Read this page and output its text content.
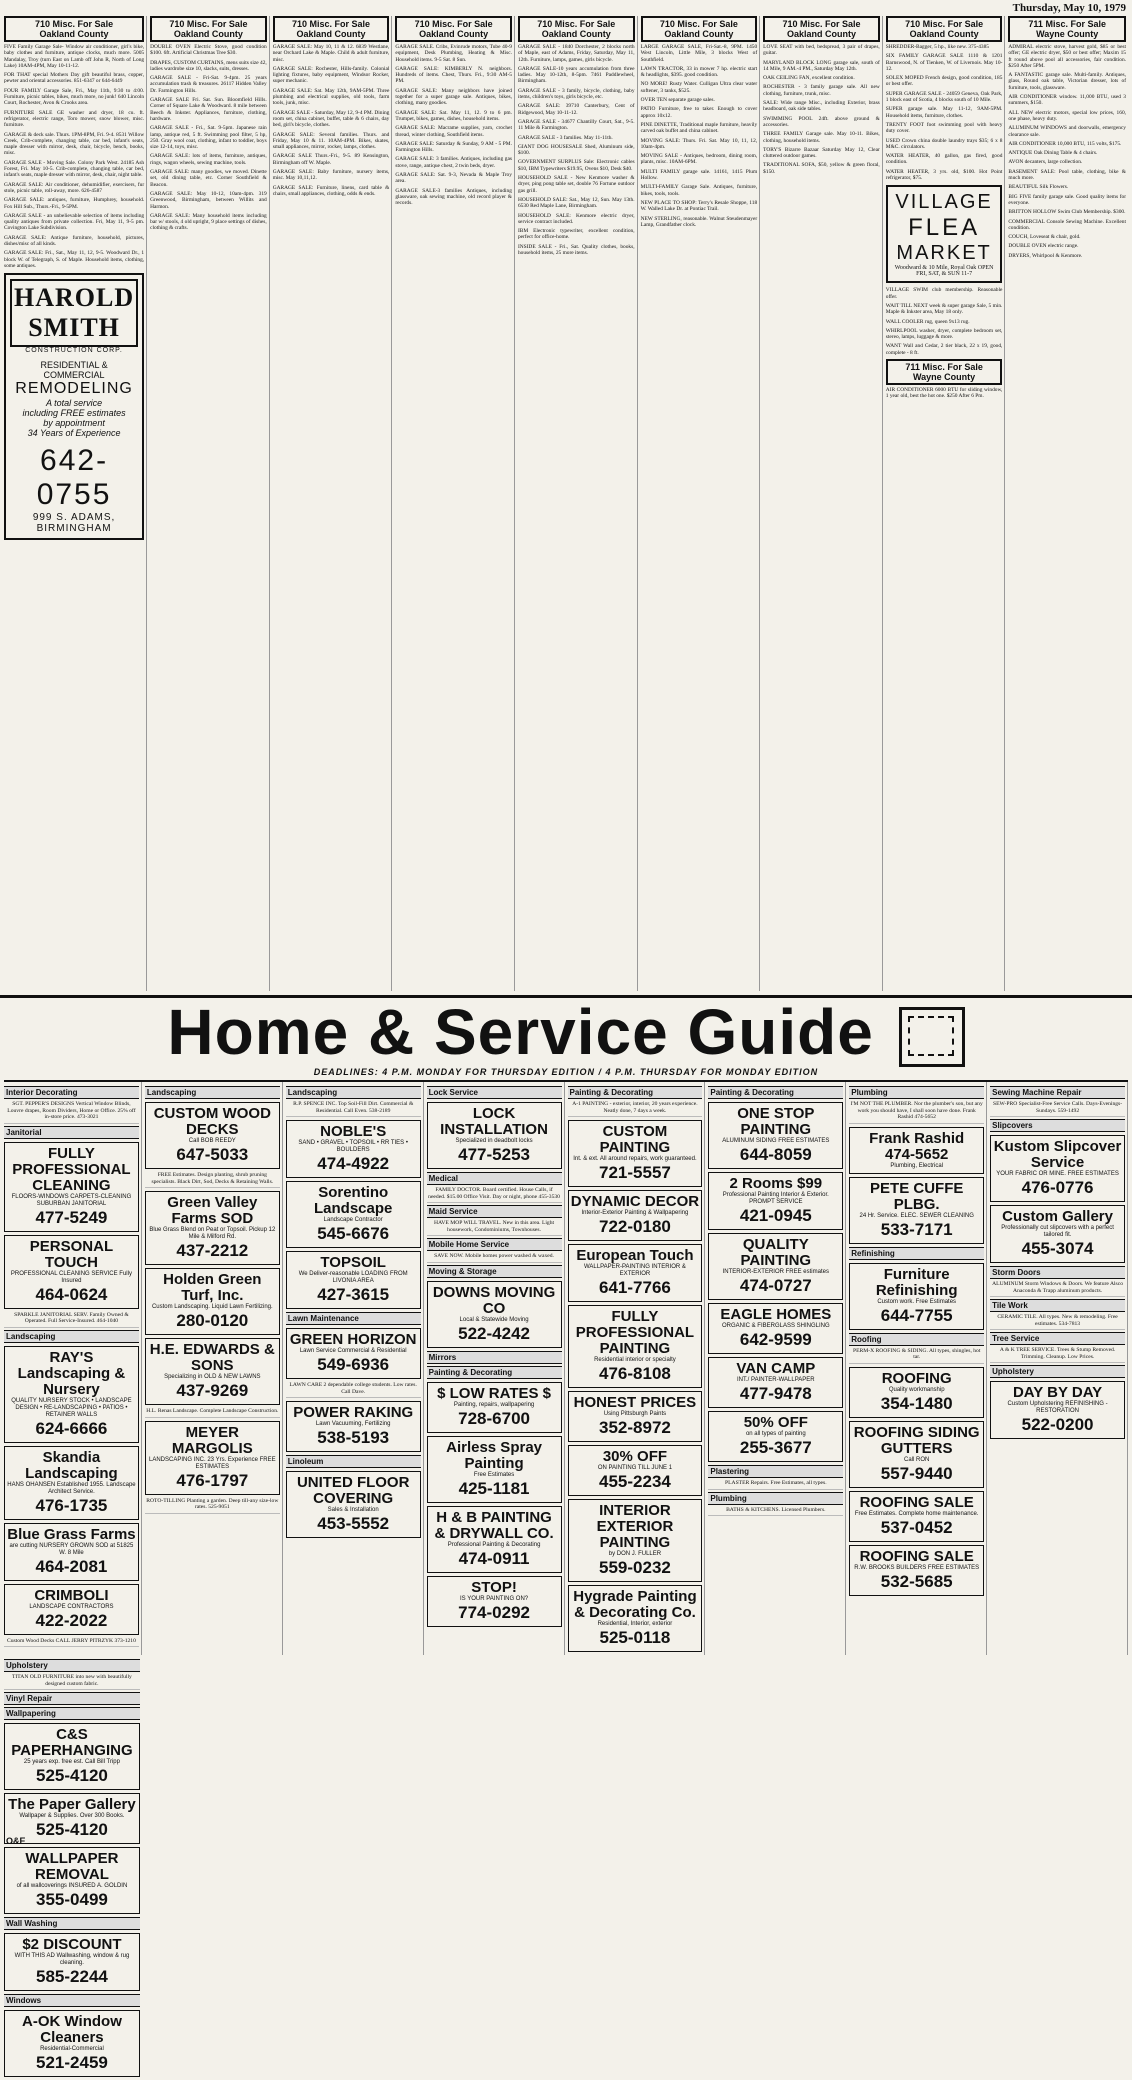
Thursday, May 10, 1979
710 Misc. For Sale
Oakland County

FIVE Family Garage Sale- Window air conditioner, girl's bike, baby clothes and furniture, antique clocks, much more. 5005 Mandalay, Troy (turn East on Lamb off John R, North of Long Lake) 10AM-4PM, May 10-11-12.

FOR THAT special Mothers Day gift beautiful brass, copper, pewter and oriental accessories. 851-6347 or 644-6449

FOUR FAMILY Garage Sale, Fri., May 11th, 9:30 to 4:00. Furniture, picnic tables, bikes, much more, no junk! 640 Lincoln Court, Rochester, Avon & Crooks area.

FURNITURE SALE GE washer and dryer, 18 cu. ft. refrigerator, electric range, Toro mower, snow blower, misc. furniture.

GARAGE & deck sale. Thurs. 1PM-8PM, Fri. 9-4. 8531 Willow Creek, Crib-complete, changing table, car bed, infant's seats, maple dresser with mirror, desk, chair, bicycle, bench, books, misc.

GARAGE SALE - Moving Sale. Colony Park West. 24185 Ash Forest, Fri. May 10-5. Crib-complete, changing table, car bed, infant's seats, maple dresser with mirror, desk, chair, night table.

GARAGE SALE: Air conditioner, dehumidifier, exercisers, fur stole, picnic table, roll-away, more. 626-4587

GARAGE SALE: antiques, furniture, Humphrey, household. Fox Hill Sub., Thurs.-Fri., 9-5PM.

GARAGE SALE - an unbelievable selection of items including quality antiques from private collection. Fri, May 11, 9-5 pm. Covington Lake Subdivision.

GARAGE SALE: Antique furniture, household, pictures, dishes/misc of all kinds.

GARAGE SALE: Fri., Sat., May 11, 12, 9-5. Woodward Dr., 1 block W. of Telegraph, S. of Maple. Household items, clothing, some antiques.

HAROLD SMITH
CONSTRUCTION CORP.
RESIDENTIAL & COMMERCIAL
REMODELING
A total service
including FREE estimates
by appointment
34 Years of Experience
642-0755
999 S. ADAMS, BIRMINGHAM
710 Misc. For Sale
Oakland County

DOUBLE OVEN Electric Stove, good condition $100. 6ft. Artificial Christmas Tree $30.

DRAPES, CUSTOM CURTAINS, mens suits size 42, ladies wardrobe size 10, slacks, suits, dresses.

GARAGE SALE - Fri-Sat. 9-4pm. 25 years accumulation trash & treasures. 26117 Hidden Valley Dr. Farmington Hills.

GARAGE SALE Fri. Sat. Sun. Bloomfield Hills. Corner of Square Lake & Woodward. 8 mile between Beech & Inkster. Appliances, furniture, clothing, hardware.

GARAGE SALE - Fri., Sat. 9-5pm. Japanese rain lamp, antique red, 5 ft. Swimming pool filter, 5 hp, 250. Gray wool coat, clothing, infant to toddler, boys size 12-14, toys, misc.

GARAGE SALE: lots of items, furniture, antiques, rings, wagon wheels, sewing machine, tools.

GARAGE SALE: many goodies, we moved. Dinette set, old dining table, etc. Corner Southfield & Beacon.

GARAGE SALE: May 10-12, 10am-4pm. 319 Greenwood, Birmingham, between Willits and Harmon.

GARAGE SALE: Many household items including bar w/ stools, 4 old upright, 9 place settings of dishes, clothing & crafts.

710 Misc. For Sale
Oakland County

GARAGE SALE: May 10, 11 & 12. 6839 Westlane, near Orchard Lake & Maple. Child & adult furniture, misc.

GARAGE SALE: Rochester, Hills-family. Colonial lighting fixtures, baby equipment, Windsor Rocker, super mechanic.

GARAGE SALE: Sat. May 12th, 9AM-5PM. Three plumbing and electrical supplies, old tools, farm tools, junk, misc.

GARAGE SALE - Saturday, May 12, 9-4 PM. Dining room set, china cabinet, buffet, table & 6 chairs, day bed, girl's bicycle, clothes.

GARAGE SALE: Several families. Thurs. and Friday, May 10 & 11. 10AM-4PM. Bikes, skates, small appliances, mirror, rocker, lamps, clothes.

GARAGE SALE Thurs.-Fri., 9-5. 89 Kensington, Birmingham off W. Maple.

GARAGE SALE: Baby furniture, nursery items, misc. May 10,11,12.

GARAGE SALE: Furniture, linens, card table & chairs, small appliances, clothing, odds & ends.

710 Misc. For Sale
Oakland County

GARAGE SALE. Cribs, Evinrude motors, Tube 40-9 equipment, Desk Plumbing, Heating & Misc. Household items. 9-5 Sat. 8 Sun.

GARAGE SALE: KIMBERLY N. neighbors. Hundreds of items. Chest, Thurs. Fri., 9:30 AM-5 PM.

GARAGE SALE: Many neighbors have joined together for a super garage sale. Antiques, bikes, clothing, many goodies.

GARAGE SALE: Sat. May 11, 12. 9 to 6 pm. Trumpet, bikes, games, dishes, household items.

GARAGE SALE: Macrame supplies, yarn, crochet thread, winter clothing, Southfield items.

GARAGE SALE: Saturday & Sunday, 9 AM - 5 PM. Farmington Hills.

GARAGE SALE: 3 families. Antiques, including gas stove, range, antique chest, 2 twin beds, dryer.

GARAGE SALE: Sat. 9-3, Nevada & Maple Troy area.

GARAGE SALE-3 families Antiques, including glassware, oak sewing machine, old record player & records.

710 Misc. For Sale
Oakland County

GARAGE SALE - 1840 Dorchester, 2 blocks north of Maple, east of Adams, Friday, Saturday, May 11, 12th. Furniture, lamps, games, girls bicycle.

GARAGE SALE-10 years accumulation from three ladies. May 10-12th, 8-5pm. 7461 Paddlewheel, Birmingham.

GARAGE SALE - 3 family, bicycle, clothing, baby items, children's toys, girls bicycle, etc.

GARAGE SALE: 39710 Canterbury, Cent of Ridgewood, May 10-11-12.

GARAGE SALE - 34677 Chantilly Court, Sat., 9-5. 11 Mile & Farmington.

GARAGE SALE - 3 families. May 11-11th.

GIANT DOG HOUSESALE Shed, Aluminum side, $100.

GOVERNMENT SURPLUS Sale: Electronic cables $10, IBM Typewriters $19.95, Ovens $10, Desk $40.

HOUSEHOLD SALE - New Kenmore washer & dryer, ping pong table set, double 76 Fortune outdoor gas grill.

HOUSEHOLD SALE: Sat., May 12, Sun. May 13th. 6530 Red Maple Lane, Birmingham.

HOUSEHOLD SALE: Kenmore electric dryer, service contract included.

IBM Electronic typewriter, excellent condition, perfect for office-home.

INSIDE SALE - Fri., Sat. Quality clothes, books, household items, 25 more items.

710 Misc. For Sale
Oakland County

LARGE GARAGE SALE, Fri-Sat.-8, 9PM. 1450 West Lincoln, Little Mile, 3 blocks West of Southfield.

LAWN TRACTOR, 33 in mower 7 hp. electric start & headlights, $395. good condition.

NO MORE! Rusty Water. Culligan Ultra clear water softener, 3 tanks, $525.

OVER TEN separate garage sales.

PATIO Furniture, free to taker. Enough to cover approx 10x12.

PINE DINETTE, Traditional maple furniture, heavily carved oak buffet and china cabinet.

MOVING SALE: Thurs. Fri. Sat. May 10, 11, 12, 10am-4pm.

MOVING SALE - Antiques, bedroom, dining room, plants, misc. 10AM-6PM.

MULTI FAMILY garage sale. 14161, 1415 Plum Hollow.

MULTI-FAMILY Garage Sale. Antiques, furniture, bikes, tools, tools.

NEW PLACE TO SHOP: Terry's Resale Shoppe, 118 W. Walled Lake Dr. at Pontiac Trail.

NEW STERLING, reasonable. Walnut Steudenmayer Lamp, Grandfather clock.

710 Misc. For Sale
Oakland County

LOVE SEAT with bed, bedspread, 3 pair of drapes, guitar.

MARYLAND BLOCK LONG garage sale, south of 14 Mile, 9 AM.-4 PM., Saturday May 12th.

OAK CEILING FAN, excellent condition.

ROCHESTER - 3 family garage sale. All new clothing, furniture, trunk, misc.

SALE: Wide range Misc., including Exterior, brass headboard, oak side tables.

SWIMMING POOL 24ft. above ground & accessories.

THREE FAMILY Garage sale. May 10-11. Bikes, clothing, household items.

TORY'S Bizarre Bazaar Saturday May 12, Clear cluttered outdoor games.

TRADITIONAL SOFA, $50, yellow & green floral, $150.

710 Misc. For Sale
Oakland County

SHREDDER-Bagger, 5 hp., like new. 375-4385

SIX FAMILY GARAGE SALE 1110 & 1201 Barnswood, N. of Tienken, W. of Livernois. May 10-12.

SOLEX MOPED French design, good condition, 185 or best offer.

SUPER GARAGE SALE - 24059 Geneva, Oak Park, 1 block east of Scotia, 4 blocks south of 10 Mile.

SUPER garage sale. May 11-12, 9AM-5PM. Household items, furniture, clothes.

TRENTY FOOT foot swimming pool with heavy duty cover.

USED Crown china double laundry trays $35; 6 x 8 M&C. circulators.

WATER HEATER, 40 gallon, gas fired, good condition.

WATER HEATER, 3 yrs. old, $100. Hot Point refrigerator, $75.

VILLAGE
FLEA
MARKET
Woodward & 10 Mile, Royal Oak OPEN FRI, SAT, & SUN 11-7

VILLAGE SWIM club membership. Reasonable offer.

WAIT TILL NEXT week & super garage Sale, 5 min. Maple & Inkster area, May 18 only.

WALL COOLER rug, queen 9x13 rug.

WHIRLPOOL washer, dryer, complete bedroom set, stereo, lamps, luggage & more.

WANT Wall and Cedar, 2 tier black, 22 x 19, good, complete - 8 ft.

711 Misc. For Sale
Wayne County

AIR CONDITIONER 6000 BTU for sliding window, 1 year old, best the hot one. $250 After 6 Pm.

711 Misc. For Sale
Wayne County

ADMIRAL electric stove, harvest gold, $85 or best offer; GE electric dryer, $50 or best offer; Maxim 15 ft round above pool all accessories, fair condition. $250 After 5PM.

A FANTASTIC garage sale. Multi-family. Antiques, glass, Round oak table, Victorian dresser, lots of furniture, tools, glassware.

AIR CONDITIONER window. 11,000 BTU, used 3 summers, $150.

ALL NEW electric motors, special low prices, 160, one phase, heavy duty.

ALUMINUM WINDOWS and doorwalls, emergency clearance sale.

AIR CONDITIONER 10,000 BTU, 115 volts, $175.

ANTIQUE Oak Dining Table & 4 chairs.

AVON decanters, large collection.

BASEMENT SALE: Pool table, clothing, bike & much more.

BEAUTIFUL Silk Flowers.

BIG FIVE family garage sale. Good quality items for everyone.

BRITTON HOLLOW Swim Club Membership. $300.

COMMERCIAL Console Sewing Machine. Excellent condition.

COUCH, Loveseat & chair, gold.

DOUBLE OVEN electric range.

DRYERS, Whirlpool & Kenmore.

Home & Service Guide
DEADLINES: 4 P.M. MONDAY FOR THURSDAY EDITION / 4 P.M. THURSDAY FOR MONDAY EDITION
Interior Decorating

SGT. PEPPER'S DESIGNS Vertical Window Blinds, Louvre drapes, Room Dividers, Home or Office. 25% off in-store price. 473-3021

Janitorial
FULLY PROFESSIONAL CLEANING
FLOORS-WINDOWS CARPETS-CLEANING SUBURBAN JANITORIAL
477-5249
PERSONAL TOUCH
PROFESSIONAL CLEANING SERVICE Fully Insured
464-0624

SPARKLE JANITORIAL SERV. Family Owned & Operated. Full Service-Insured. 464-1040

Landscaping
RAY'S Landscaping & Nursery
QUALITY NURSERY STOCK • LANDSCAPE DESIGN • RE-LANDSCAPING • PATIOS • RETAINER WALLS
624-6666
Skandia Landscaping
HANS OHANSEN Established 1955. Landscape Architect Service.
476-1735
Blue Grass Farms
are cutting NURSERY GROWN SOD at 51825 W. 8 Mile
464-2081
CRIMBOLI
LANDSCAPE CONTRACTORS
422-2022

Custom Wood Decks CALL JERRY PITRZYK 373-1210

Landscaping
CUSTOM WOOD DECKS
Call BOB REEDY
647-5033

FREE Estimates. Design planting, shrub pruning specialists. Black Dirt, Sod, Decks & Retaining Walls.

Green Valley Farms SOD
Blue Grass Blend on Peat or Topsoil. Pickup 12 Mile & Milford Rd.
437-2212
Holden Green Turf, Inc.
Custom Landscaping. Liquid Lawn Fertilizing.
280-0120
H.E. EDWARDS & SONS
Specializing in OLD & NEW LAWNS
437-9269

H.L. Renas Landscape. Complete Landscape Construction.

MEYER MARGOLIS
LANDSCAPING INC. 23 Yrs. Experience FREE ESTIMATES
476-1797

ROTO-TILLING Planting a garden. Deep till-any size-low rates. 525-9051

Landscaping

R.P. SPENCE INC. Top Soil-Fill Dirt. Commercial & Residential. Call Even. 538-2189

NOBLE'S
SAND • GRAVEL • TOPSOIL • RR TIES • BOULDERS
474-4922
Sorentino Landscape
Landscape Contractor
545-6676
TOPSOIL
We Deliver-reasonable LOADING FROM LIVONIA AREA
427-3615
Lawn Maintenance
GREEN HORIZON
Lawn Service Commercial & Residential
549-6936

LAWN CARE 2 dependable college students. Low rates. Call Dave.

POWER RAKING
Lawn Vacuuming, Fertilizing
538-5193
Linoleum
UNITED FLOOR COVERING
Sales & Installation
453-5552
Lock Service
LOCK INSTALLATION
Specialized in deadbolt locks
477-5253
Medical

FAMILY DOCTOR. Board certified. House Calls, if needed. $15.00 Office Visit. Day or night, phone 455-3530

Maid Service

HAVE MOP WILL TRAVEL. New in this area. Light housework, Condominiums, Townhouses.

Mobile Home Service

SAVE NOW. Mobile homes power washed & waxed.

Moving & Storage
DOWNS MOVING CO
Local & Statewide Moving
522-4242
Mirrors
Painting & Decorating
$ LOW RATES $
Painting, repairs, wallpapering
728-6700
Airless Spray Painting
Free Estimates
425-1181
H & B PAINTING & DRYWALL CO.
Professional Painting & Decorating
474-0911
STOP!
IS YOUR PAINTING ON?
774-0292
Painting & Decorating

A-1 PAINTING - exterior, interior, 20 years experience. Neatly done, 7 days a week.

CUSTOM PAINTING
Int. & ext. All around repairs, work guaranteed.
721-5557
DYNAMIC DECOR
Interior-Exterior Painting & Wallpapering
722-0180
European Touch
WALLPAPER-PAINTING INTERIOR & EXTERIOR
641-7766
FULLY PROFESSIONAL PAINTING
Residential interior or specialty
476-8108
HONEST PRICES
Using Pittsburgh Paints
352-8972
30% OFF
ON PAINTING TILL JUNE 1
455-2234
INTERIOR EXTERIOR PAINTING
by DON J. FULLER
559-0232
Hygrade Painting & Decorating Co.
Residential, Interior, exterior
525-0118
Painting & Decorating
ONE STOP PAINTING
ALUMINUM SIDING FREE ESTIMATES
644-8059
2 Rooms $99
Professional Painting Interior & Exterior. PROMPT SERVICE
421-0945
QUALITY PAINTING
INTERIOR-EXTERIOR FREE estimates
474-0727
EAGLE HOMES
ORGANIC & FIBERGLASS SHINGLING
642-9599
VAN CAMP
INT./ PAINTER-WALLPAPER
477-9478
50% OFF
on all types of painting
255-3677
Plastering

PLASTER Repairs. Free Estimates, all types.

Plumbing

BATHS & KITCHENS. Licensed Plumbers.

Plumbing

I'M NOT THE PLUMBER. Nor the plumber's son, but any work you should have, I shall soon have done. Frank Rashid 474-5652

Frank Rashid 474-5652
Plumbing, Electrical
PETE CUFFE PLBG.
24 Hr. Service. ELEC. SEWER CLEANING
533-7171
Refinishing
Furniture Refinishing
Custom work. Free Estimates
644-7755
Roofing

PERM-X ROOFING & SIDING. All types, shingles, hot tar.

ROOFING
Quality workmanship
354-1480
ROOFING SIDING GUTTERS
Call RON
557-9440
ROOFING SALE
Free Estimates. Complete home maintenance.
537-0452
ROOFING SALE
R.W. BROOKS BUILDERS FREE ESTIMATES
532-5685
Sewing Machine Repair

SEW-PRO Specialist-Free Service Calls. Days-Evenings-Sundays. 559-1492

Slipcovers
Kustom Slipcover Service
YOUR FABRIC OR MINE. FREE ESTIMATES
476-0776
Custom Gallery
Professionally cut slipcovers with a perfect tailored fit.
455-3074
Storm Doors

ALUMINUM Storm Windows & Doors. We feature Alsco Anaconda & Trapp aluminum products.

Tile Work

CERAMIC TILE. All types. New & remodeling. Free estimates. 534-7813

Tree Service

A & K TREE SERVICE. Trees & Stump Removed. Trimming. Cleanup. Low Prices.

Upholstery
DAY BY DAY
Custom Upholstering REFINISHING - RESTORATION
522-0200
Upholstery

TITAN OLD FURNITURE into new with beautifully designed custom fabric.

Vinyl Repair
Wallpapering
C&S PAPERHANGING
25 years exp. free est. Call Bill Tripp
525-4120
The Paper Gallery
Wallpaper & Supplies. Over 300 Books.
525-4120
WALLPAPER REMOVAL
of all wallcoverings INSURED A. GOLDIN
355-0499
Wall Washing
$2 DISCOUNT
WITH THIS AD Wallwashing, window & rug cleaning.
585-2244
Windows
A-OK Window Cleaners
Residential-Commercial
521-2459
O&E
